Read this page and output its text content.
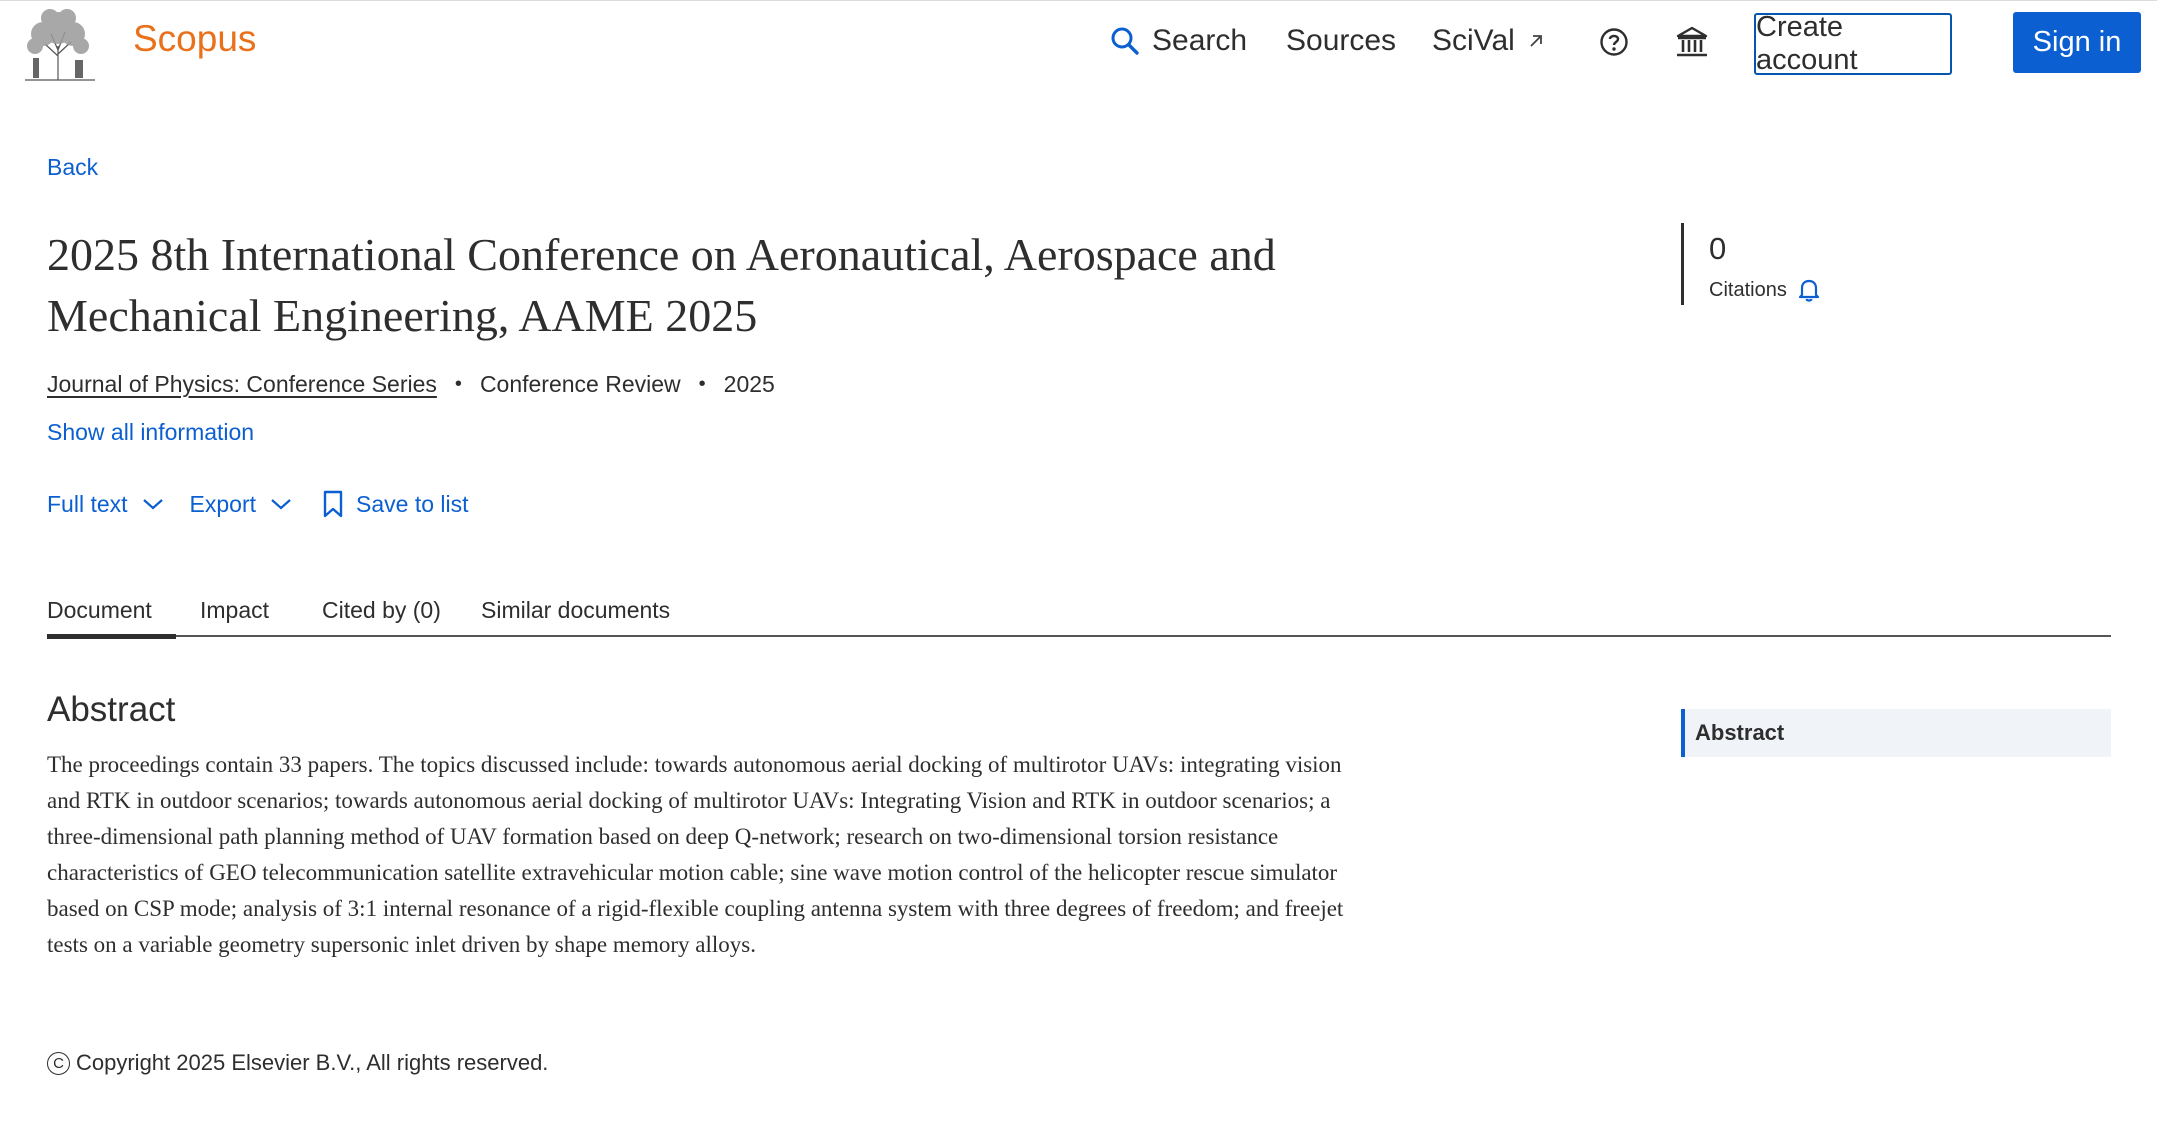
Scopus	Search Sources SciVal	Create account
Sign in
Back
2025 8th International Conference on Aeronautical, Aerospace and Mechanical Engineering, AAME 2025
Journal of Physics: Conference Series • Conference Review • 2025
Show all information
Full text	Export	Save to list
Document	Impact Cited by (0) Similar documents
Abstract
The proceedings contain 33 papers. The topics discussed include: towards autonomous aerial docking of multirotor UAVs: integrating vision and RTK in outdoor scenarios; towards autonomous aerial docking of multirotor UAVs: Integrating Vision and RTK in outdoor scenarios; a three-dimensional path planning method of UAV formation based on deep Q-network; research on two-dimensional torsion resistance characteristics of GEO telecommunication satellite extravehicular motion cable; sine wave motion control of the helicopter rescue simulator based on CSP mode; analysis of 3:1 internal resonance of a rigid-flexible coupling antenna system with three degrees of freedom; and freejet tests on a variable geometry supersonic inlet driven by shape memory alloys.
C Copyright 2025 Elsevier B.V., All rights reserved.
0
Citations
Abstract
